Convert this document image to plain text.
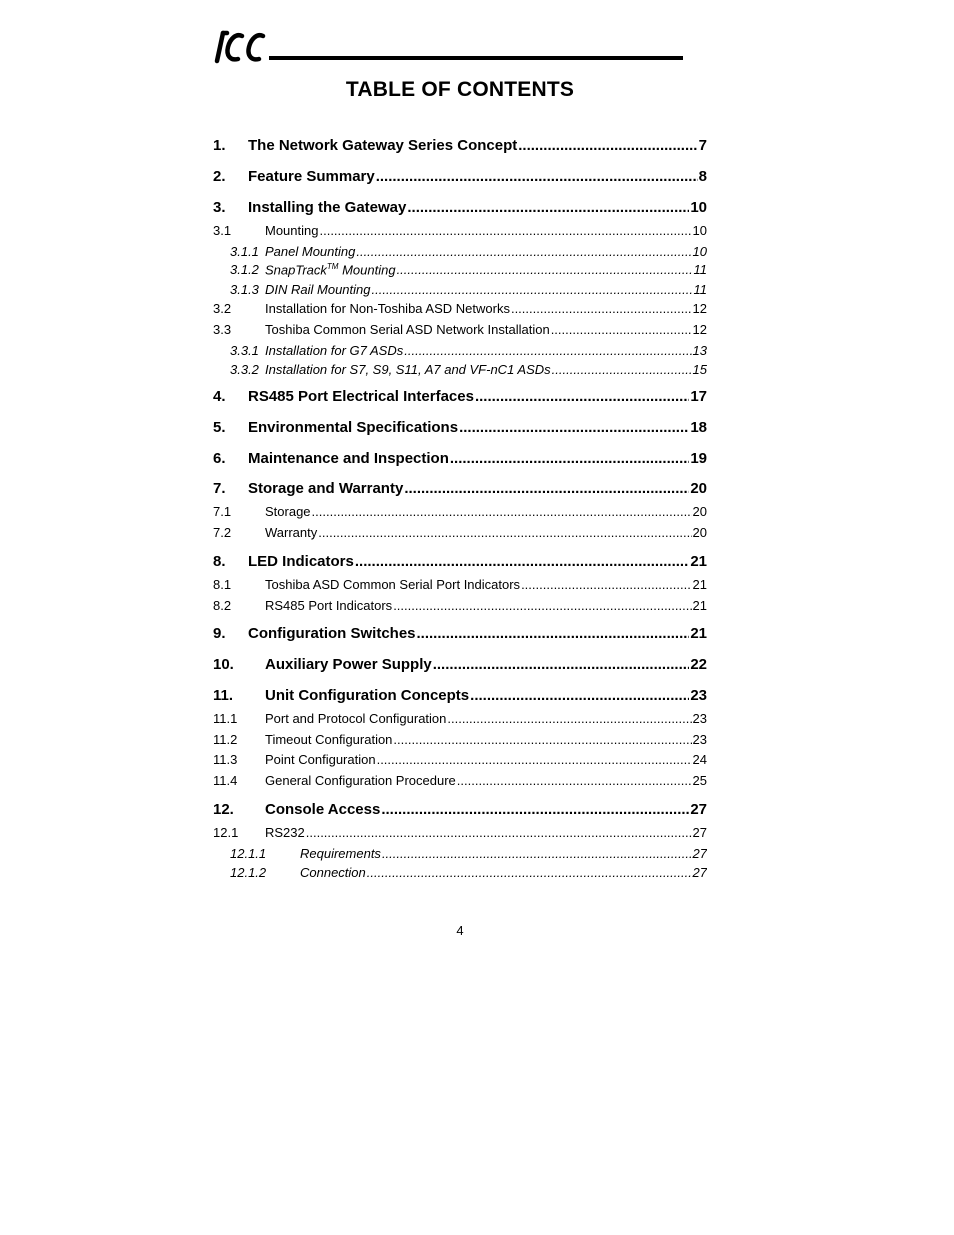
TABLE OF CONTENTS
1.	The Network Gateway Series Concept .....	7
2.	Feature Summary .....	8
3.	Installing the Gateway .....	10
3.1	Mounting .....	10
3.1.1 Panel Mounting .....	10
3.1.2 SnapTrack™ Mounting .....	11
3.1.3 DIN Rail Mounting .....	11
3.2	Installation for Non-Toshiba ASD Networks .....	12
3.3	Toshiba Common Serial ASD Network Installation .....	12
3.3.1 Installation for G7 ASDs .....	13
3.3.2 Installation for S7, S9, S11, A7 and VF-nC1 ASDs .....	15
4.	RS485 Port Electrical Interfaces .....	17
5.	Environmental Specifications .....	18
6.	Maintenance and Inspection .....	19
7.	Storage and Warranty .....	20
7.1	Storage .....	20
7.2	Warranty .....	20
8.	LED Indicators .....	21
8.1	Toshiba ASD Common Serial Port Indicators .....	21
8.2	RS485 Port Indicators .....	21
9.	Configuration Switches .....	21
10.	Auxiliary Power Supply .....	22
11.	Unit Configuration Concepts .....	23
11.1	Port and Protocol Configuration .....	23
11.2	Timeout Configuration .....	23
11.3	Point Configuration .....	24
11.4	General Configuration Procedure .....	25
12.	Console Access .....	27
12.1	RS232 .....	27
12.1.1	Requirements .....	27
12.1.2	Connection .....	27
4
